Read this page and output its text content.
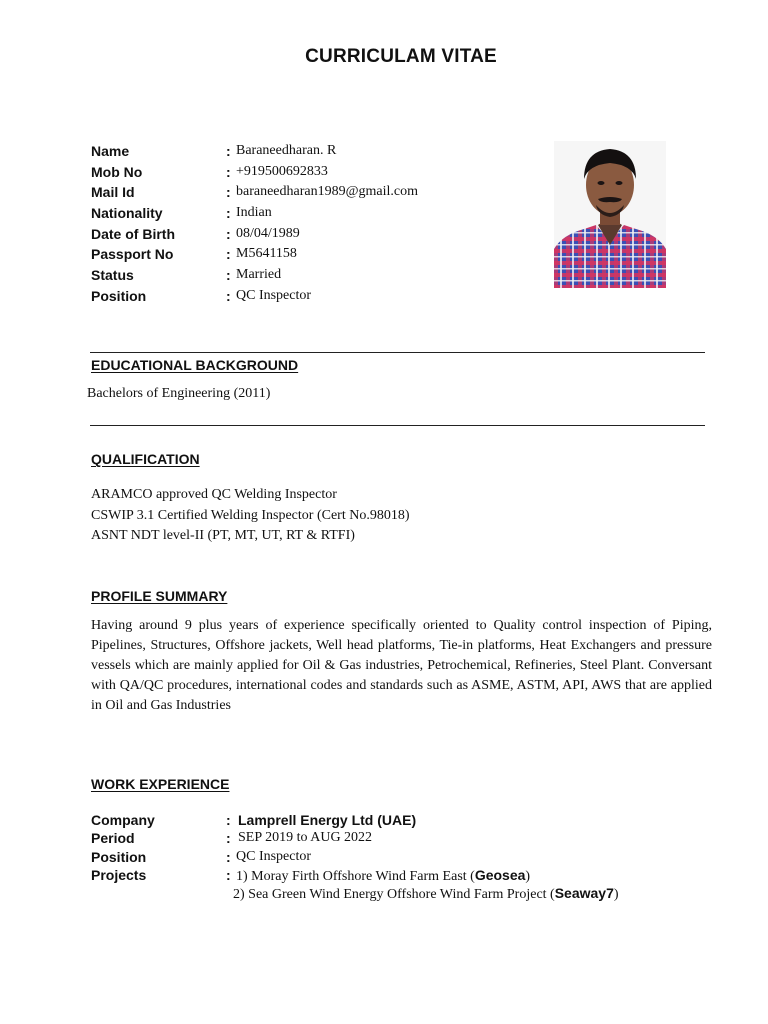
CURRICULAM VITAE
Name	: Baraneedharan. R
Mob No	: +919500692833
Mail Id	: baraneedharan1989@gmail.com
Nationality	: Indian
Date of Birth	: 08/04/1989
Passport No	: M5641158
Status	: Married
Position	: QC Inspector
EDUCATIONAL BACKGROUND
Bachelors of Engineering (2011)
QUALIFICATION
ARAMCO approved QC Welding Inspector
CSWIP 3.1 Certified Welding Inspector (Cert No.98018)
ASNT NDT level-II (PT, MT, UT, RT & RTFI)
PROFILE SUMMARY
Having around 9 plus years of experience specifically oriented to Quality control inspection of Piping, Pipelines, Structures, Offshore jackets, Well head platforms, Tie-in platforms, Heat Exchangers and pressure vessels which are mainly applied for Oil & Gas industries, Petrochemical, Refineries, Steel Plant. Conversant with QA/QC procedures, international codes and standards such as ASME, ASTM, API, AWS that are applied in Oil and Gas Industries
WORK EXPERIENCE
Company	: Lamprell Energy Ltd (UAE)
Period	: SEP 2019 to AUG 2022
Position	: QC Inspector
Projects	: 1) Moray Firth Offshore Wind Farm East (Geosea)
2) Sea Green Wind Energy Offshore Wind Farm Project (Seaway7)
